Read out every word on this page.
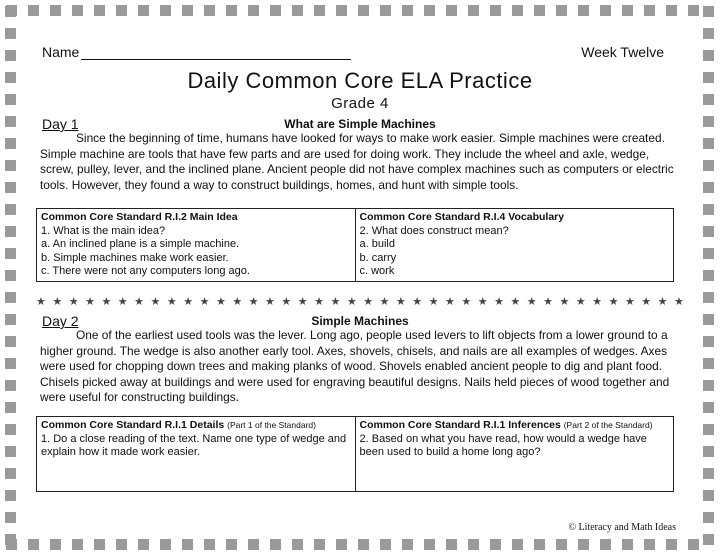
Name	Week Twelve
Daily Common Core ELA Practice
Grade 4
Day 1	What are Simple Machines
Since the beginning of time, humans have looked for ways to make work easier. Simple machines were created. Simple machine are tools that have few parts and are used for doing work. They include the wheel and axle, wedge, screw, pulley, lever, and the inclined plane. Ancient people did not have complex machines such as computers or electric tools. However, they found a way to construct buildings, homes, and hunt with simple tools.
Common Core Standard R.I.2 Main Idea
1. What is the main idea?
a. An inclined plane is a simple machine.
b. Simple machines make work easier.
c. There were not any computers long ago.
Common Core Standard R.I.4 Vocabulary
2. What does construct mean?
a. build
b. carry
c. work
★ ★ ★ ★ ★ ★ ★ ★ ★ ★ ★ ★ ★ ★ ★ ★ ★ ★ ★ ★ ★ ★ ★ ★ ★ ★ ★ ★ ★ ★ ★ ★ ★ ★ ★ ★ ★ ★ ★ ★
Day 2	Simple Machines
One of the earliest used tools was the lever. Long ago, people used levers to lift objects from a lower ground to a higher ground. The wedge is also another early tool. Axes, shovels, chisels, and nails are all examples of wedges. Axes were used for chopping down trees and making planks of wood. Shovels enabled ancient people to dig and plant food. Chisels picked away at buildings and were used for engraving beautiful designs. Nails held pieces of wood together and were useful for constructing buildings.
Common Core Standard R.I.1 Details (Part 1 of the Standard)
1. Do a close reading of the text. Name one type of wedge and explain how it made work easier.
Common Core Standard R.I.1 Inferences (Part 2 of the Standard)
2. Based on what you have read, how would a wedge have been used to build a home long ago?
© Literacy and Math Ideas
